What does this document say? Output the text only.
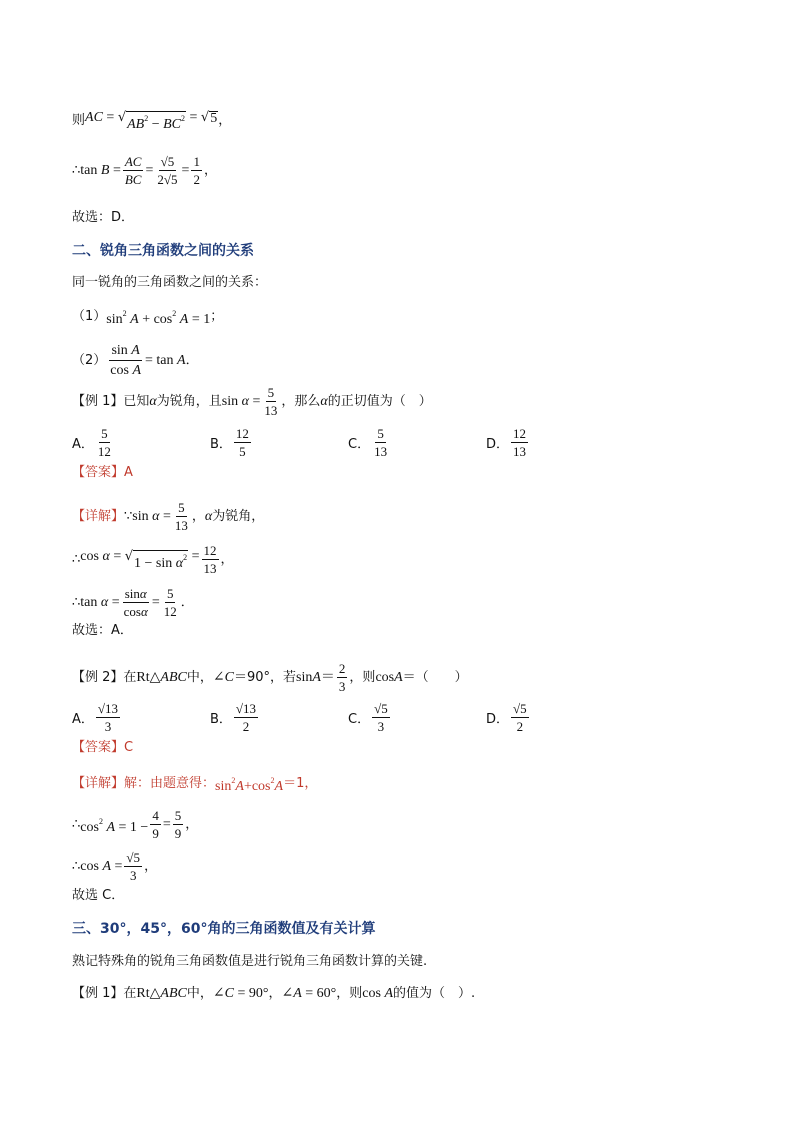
则 AC = √ $AB^2 - BC^2$ = √ 5 ，
∴ $\tan B = \frac{AC}{BC} = \frac{√5}{2√5} = \frac{1}{2}$ ，
故选：D．
二、锐角三角函数之间的关系
同一锐角的三角函数之间的关系：
（1） $\sin^2 A + \cos^2 A = 1$ ；
$(2) \frac{\text{sin A}}{\text{cos A}} = \tan A$ ．
【例 1】 已知 α 为锐角，且 $\sin \alpha = \frac{5}{13}$ ，那么 α 的正切值为（　）
A． $\frac{5}{12}$	B． $\frac{12}{5}$	C． $\frac{5}{13}$	D． $\frac{12}{13}$
【答案】 A
【详解】 ∵ $\sin \alpha = \frac{5}{13}$ ， α 为锐角，
∴ cos α = √ $1 - \sin \alpha^2 = \frac{12}{13}$ ，
∴ $\tan \alpha = \frac{\sin\alpha}{\cos\alpha} = \frac{5}{12}$ ．
故选：A．
【例 2】 在 Rt△ABC 中， ∠C ＝90°，若 $\sin A= \frac{2}{3}$ ，则 cosA ＝（　　）
A． $\frac{√13}{3}$	B． $\frac{√13}{2}$	C． $\frac{√5}{3}$	D． $\frac{√5}{2}$
【答案】 C
【详解】 解：由题意得： $\sin^2A+\cos^2A =1$，
∴ $\cos^2 A = 1 - \frac{4}{9} = \frac{5}{9}$ ，
∴ $\cos A = \frac{√5}{3}$ ，
故选 C．
三、30°，45°，60°角的三角函数值及有关计算
熟记特殊角的锐角三角函数值是进行锐角三角函数计算的关键.
【例 1】 在 Rt△ABC 中， ∠C = 90° ， ∠A = 60° ，则 cos A 的值为（　）.
